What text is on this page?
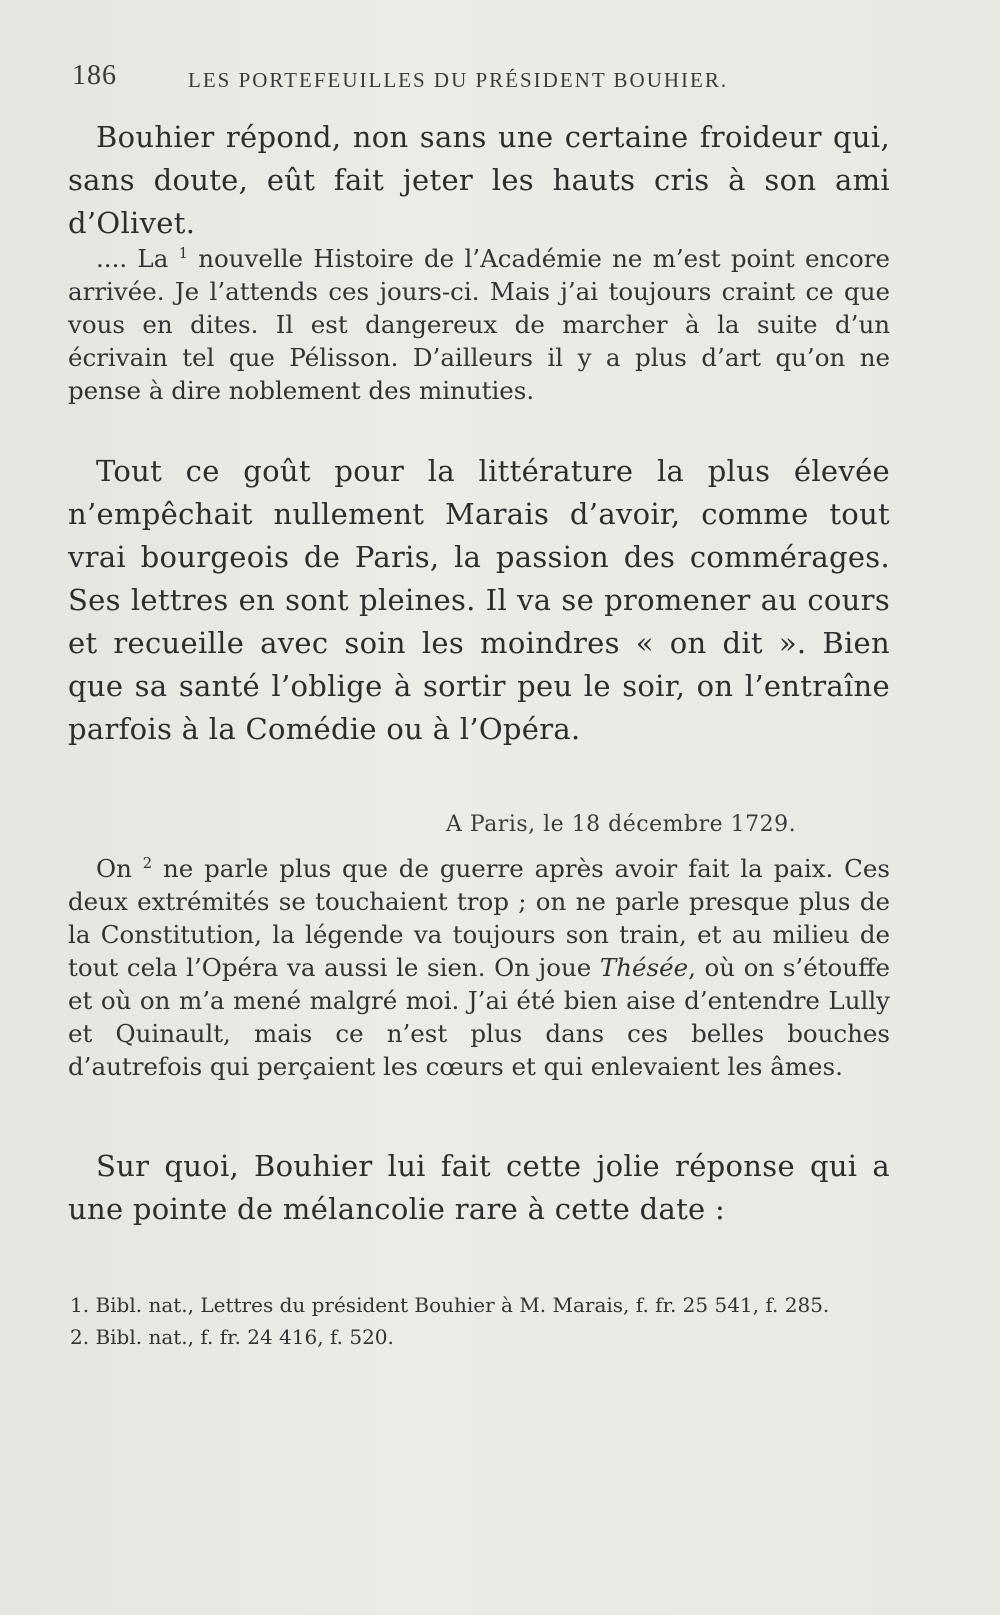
186	LES PORTEFEUILLES DU PRÉSIDENT BOUHIER.

Bouhier répond, non sans une certaine froideur qui, sans doute, eût fait jeter les hauts cris à son ami d’Olivet.

.... La $^1$ nouvelle Histoire de l’Académie ne m’est point encore arrivée. Je l’attends ces jours-ci. Mais j’ai toujours craint ce que vous en dites. Il est dangereux de marcher à la suite d’un écrivain tel que Pélisson. D’ailleurs il y a plus d’art qu’on ne pense à dire noblement des minuties.

Tout ce goût pour la littérature la plus élevée n’empêchait nullement Marais d’avoir, comme tout vrai bourgeois de Paris, la passion des commérages. Ses lettres en sont pleines. Il va se promener au cours et recueille avec soin les moindres « on dit ». Bien que sa santé l’oblige à sortir peu le soir, on l’entraîne parfois à la Comédie ou à l’Opéra.

A Paris, le 18 décembre 1729.

On $^2$ ne parle plus que de guerre après avoir fait la paix. Ces deux extrémités se touchaient trop ; on ne parle presque plus de la Constitution, la légende va toujours son train, et au milieu de tout cela l’Opéra va aussi le sien. On joue Thésée, où on s’étouffe et où on m’a mené malgré moi. J’ai été bien aise d’entendre Lully et Quinault, mais ce n’est plus dans ces belles bouches d’autrefois qui perçaient les cœurs et qui enlevaient les âmes.

Sur quoi, Bouhier lui fait cette jolie réponse qui a une pointe de mélancolie rare à cette date :

1. Bibl. nat., Lettres du président Bouhier à M. Marais, f. fr. 25 541, f. 285.

2. Bibl. nat., f. fr. 24 416, f. 520.
